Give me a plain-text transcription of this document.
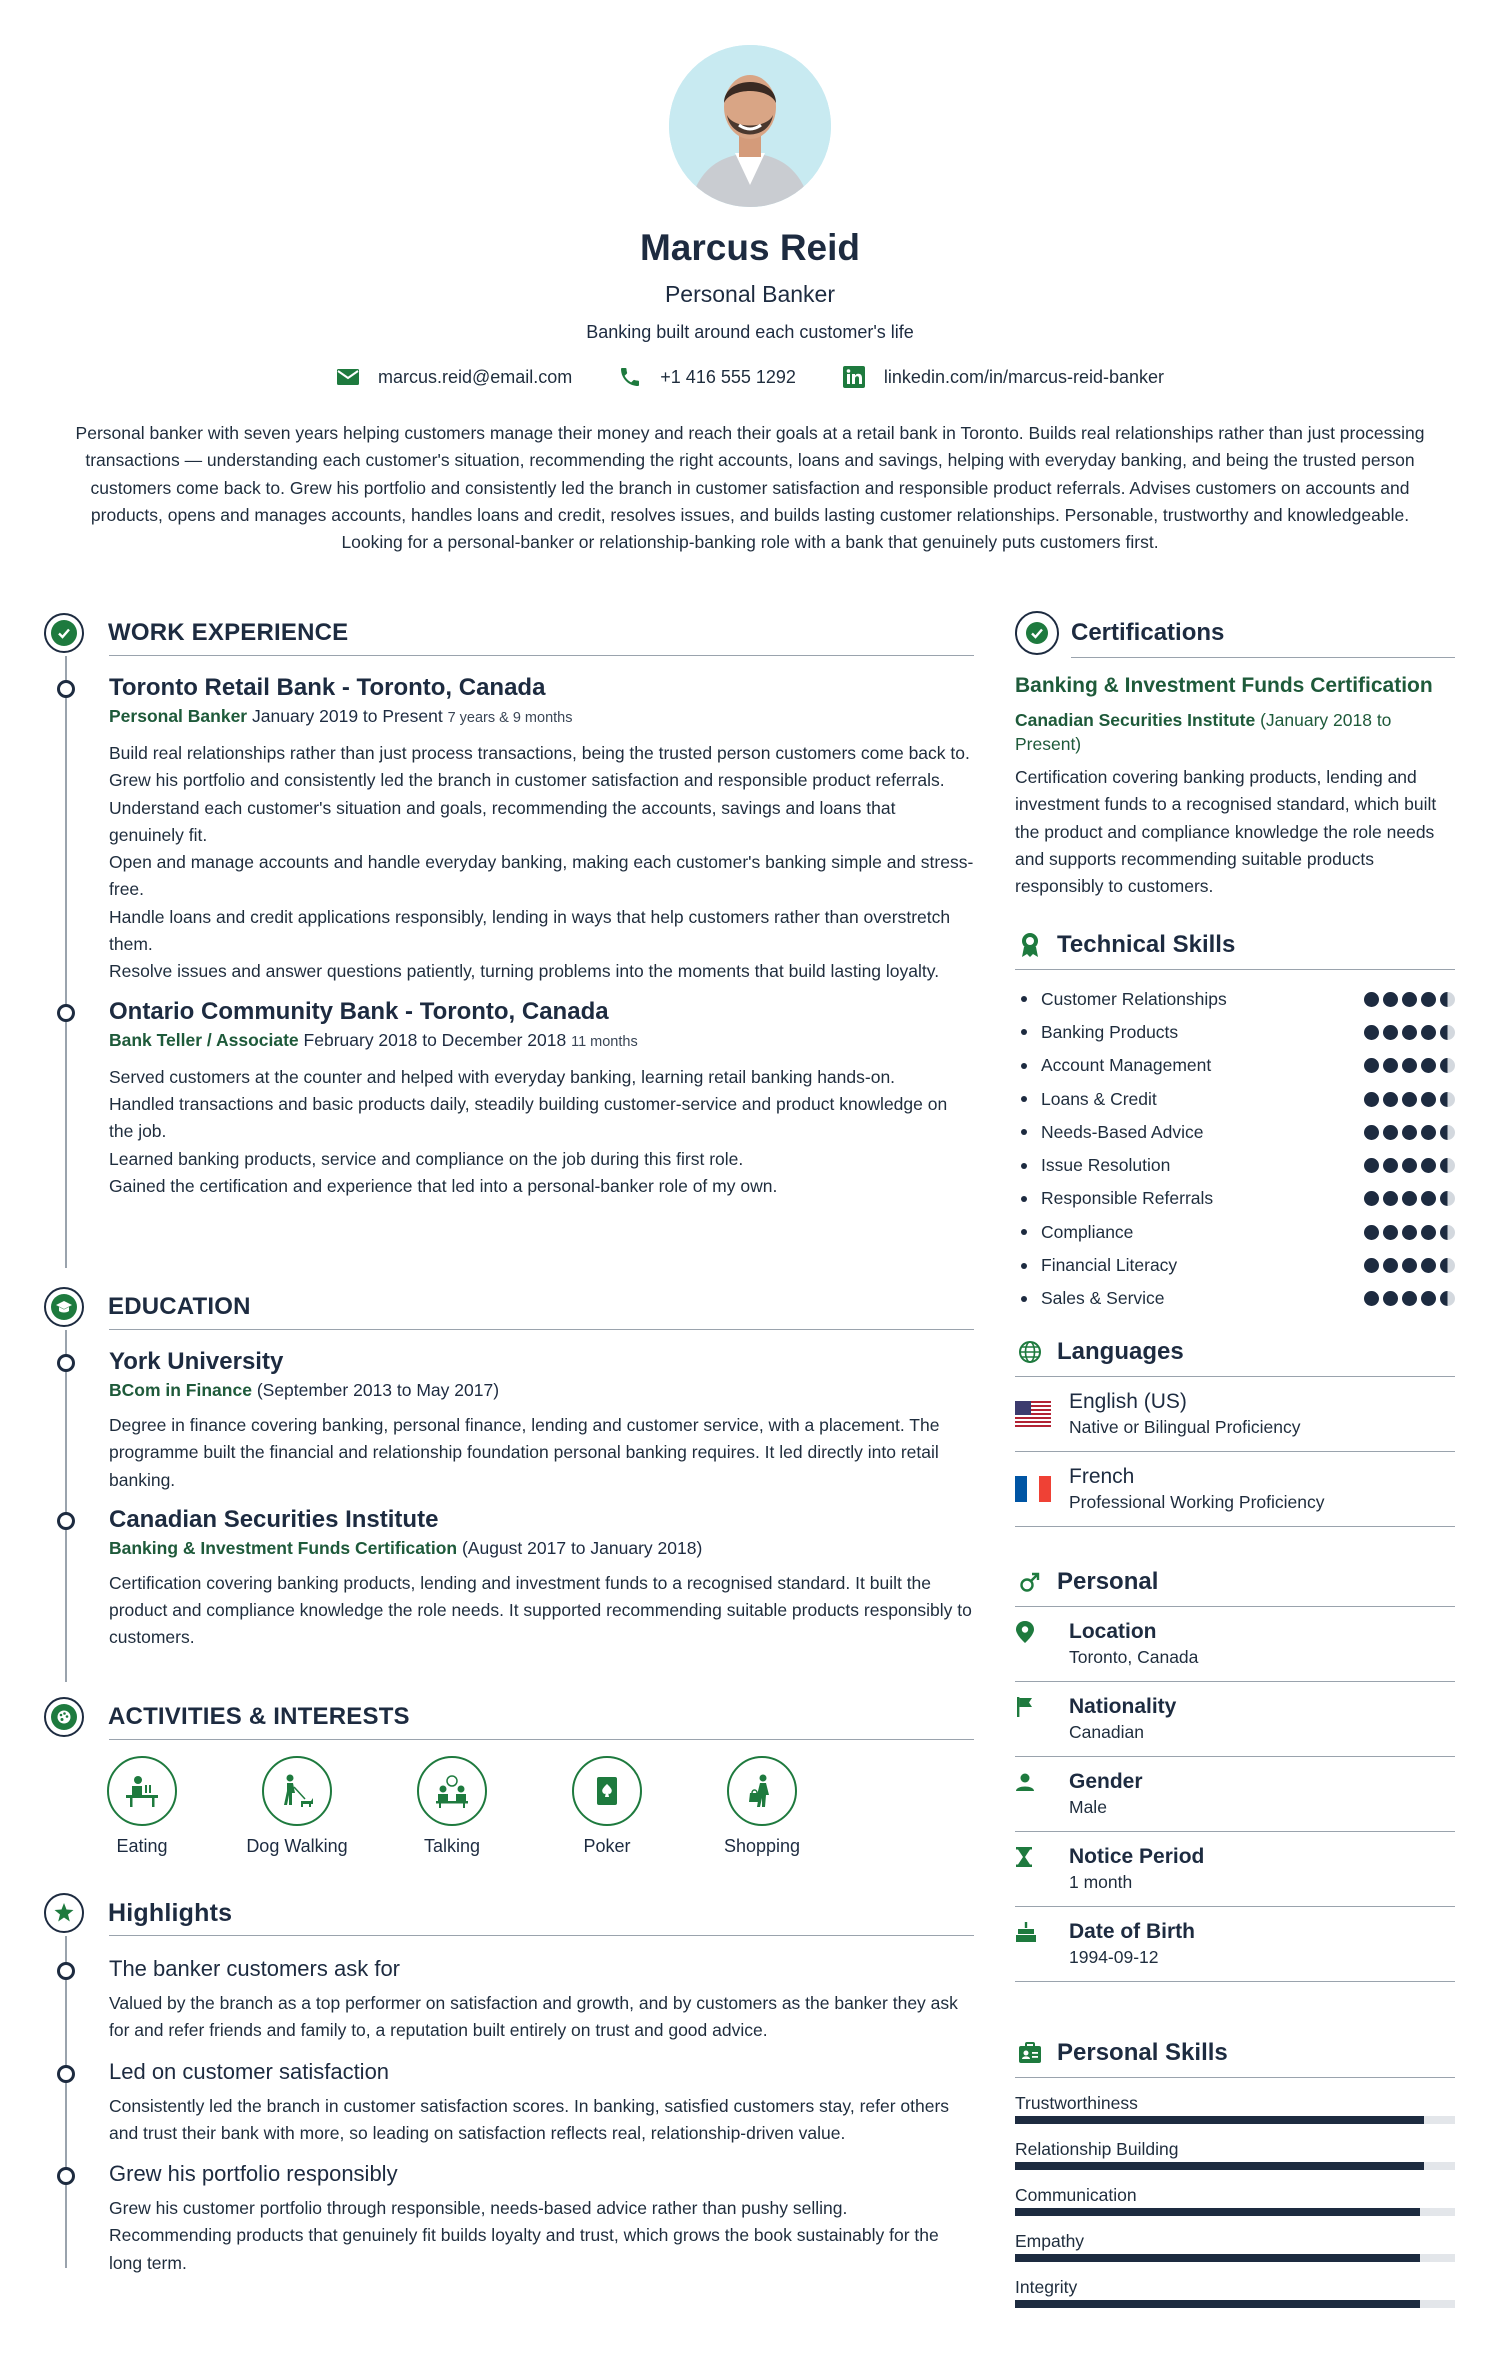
Marcus Reid
Personal Banker
Banking built around each customer's life
marcus.reid@email.com	+1 416 555 1292	linkedin.com/in/marcus-reid-banker
Personal banker with seven years helping customers manage their money and reach their goals at a retail bank in Toronto. Builds real relationships rather than just processing transactions — understanding each customer's situation, recommending the right accounts, loans and savings, helping with everyday banking, and being the trusted person customers come back to. Grew his portfolio and consistently led the branch in customer satisfaction and responsible product referrals. Advises customers on accounts and products, opens and manages accounts, handles loans and credit, resolves issues, and builds lasting customer relationships. Personable, trustworthy and knowledgeable. Looking for a personal-banker or relationship-banking role with a bank that genuinely puts customers first.
WORK EXPERIENCE
Toronto Retail Bank - Toronto, Canada
Personal Banker January 2019 to Present 7 years & 9 months
Build real relationships rather than just process transactions, being the trusted person customers come back to.
Grew his portfolio and consistently led the branch in customer satisfaction and responsible product referrals.
Understand each customer's situation and goals, recommending the accounts, savings and loans that genuinely fit.
Open and manage accounts and handle everyday banking, making each customer's banking simple and stress-free.
Handle loans and credit applications responsibly, lending in ways that help customers rather than overstretch them.
Resolve issues and answer questions patiently, turning problems into the moments that build lasting loyalty.
Ontario Community Bank - Toronto, Canada
Bank Teller / Associate February 2018 to December 2018 11 months
Served customers at the counter and helped with everyday banking, learning retail banking hands-on.
Handled transactions and basic products daily, steadily building customer-service and product knowledge on the job.
Learned banking products, service and compliance on the job during this first role.
Gained the certification and experience that led into a personal-banker role of my own.
EDUCATION
York University
BCom in Finance (September 2013 to May 2017)
Degree in finance covering banking, personal finance, lending and customer service, with a placement. The programme built the financial and relationship foundation personal banking requires. It led directly into retail banking.
Canadian Securities Institute
Banking & Investment Funds Certification (August 2017 to January 2018)
Certification covering banking products, lending and investment funds to a recognised standard. It built the product and compliance knowledge the role needs. It supported recommending suitable products responsibly to customers.
ACTIVITIES & INTERESTS
Eating	Dog Walking	Talking	Poker	Shopping
Highlights
The banker customers ask for
Valued by the branch as a top performer on satisfaction and growth, and by customers as the banker they ask for and refer friends and family to, a reputation built entirely on trust and good advice.
Led on customer satisfaction
Consistently led the branch in customer satisfaction scores. In banking, satisfied customers stay, refer others and trust their bank with more, so leading on satisfaction reflects real, relationship-driven value.
Grew his portfolio responsibly
Grew his customer portfolio through responsible, needs-based advice rather than pushy selling. Recommending products that genuinely fit builds loyalty and trust, which grows the book sustainably for the long term.
Certifications
Banking & Investment Funds Certification
Canadian Securities Institute (January 2018 to Present)
Certification covering banking products, lending and investment funds to a recognised standard, which built the product and compliance knowledge the role needs and supports recommending suitable products responsibly to customers.
Technical Skills
Customer Relationships
Banking Products
Account Management
Loans & Credit
Needs-Based Advice
Issue Resolution
Responsible Referrals
Compliance
Financial Literacy
Sales & Service
Languages
English (US)
Native or Bilingual Proficiency
French
Professional Working Proficiency
Personal
Location
Toronto, Canada
Nationality
Canadian
Gender
Male
Notice Period
1 month
Date of Birth
1994-09-12
Personal Skills
Trustworthiness
Relationship Building
Communication
Empathy
Integrity
